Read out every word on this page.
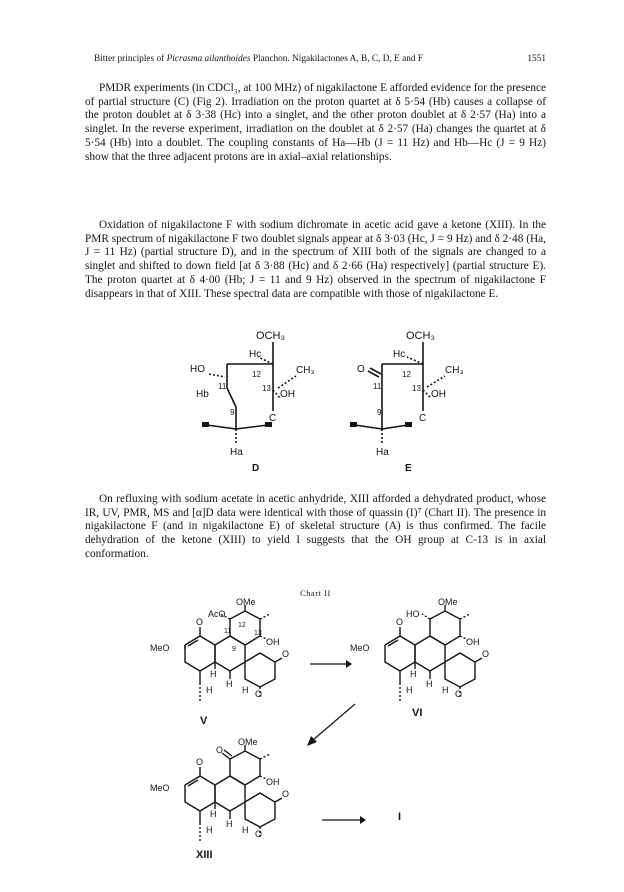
Bitter principles of Picrasma ailanthoides Planchon. Nigakilactones A, B, C, D, E and F	1551

PMDR experiments (in CDCl₃, at 100 MHz) of nigakilactone E afforded evidence for the presence of partial structure (C) (Fig 2). Irradiation on the proton quartet at δ 5·54 (Hb) causes a collapse of the proton doublet at δ 3·38 (Hc) into a singlet, and the other proton doublet at δ 2·57 (Ha) into a singlet. In the reverse experiment, irradiation on the doublet at δ 2·57 (Ha) changes the quartet at δ 5·54 (Hb) into a doublet. The coupling constants of Ha—Hb (J = 11 Hz) and Hb—Hc (J = 9 Hz) show that the three adjacent protons are in axial–axial relationships.

Oxidation of nigakilactone F with sodium dichromate in acetic acid gave a ketone (XIII). In the PMR spectrum of nigakilactone F two doublet signals appear at δ 3·03 (Hc, J = 9 Hz) and δ 2·48 (Ha, J = 11 Hz) (partial structure D), and in the spectrum of XIII both of the signals are changed to a singlet and shifted to down field [at δ 3·88 (Hc) and δ 2·66 (Ha) respectively] (partial structure E). The proton quartet at δ 4·00 (Hb; J = 11 and 9 Hz) observed in the spectrum of nigakilactone F disappears in that of XIII. These spectral data are compatible with those of nigakilactone E.

OCH₃
Hc
HO	CH₃
12
Hb
11	13
OH
9
C
Ha
D
OCH₃
Hc
O	CH₃
12
11	13
OH
9
C
Ha
E

On refluxing with sodium acetate in acetic anhydride, XIII afforded a dehydrated product, whose IR, UV, PMR, MS and [α]D data were identical with those of quassin (I)⁷ (Chart II). The presence in nigakilactone F (and in nigakilactone E) of skeletal structure (A) is thus confirmed. The facile dehydration of the ketone (XIII) to yield I suggests that the OH group at C-13 is in axial conformation.

Chart II
OMe
AcO
MeO
OH
12
11	13
9
O
O
O
H
H
H	H
V
OMe
HO
MeO
OH
O
O
O
H
H
H	H
VI
OMe
O
MeO
OH
O
O
O
H
H
H	H
XIII
I
